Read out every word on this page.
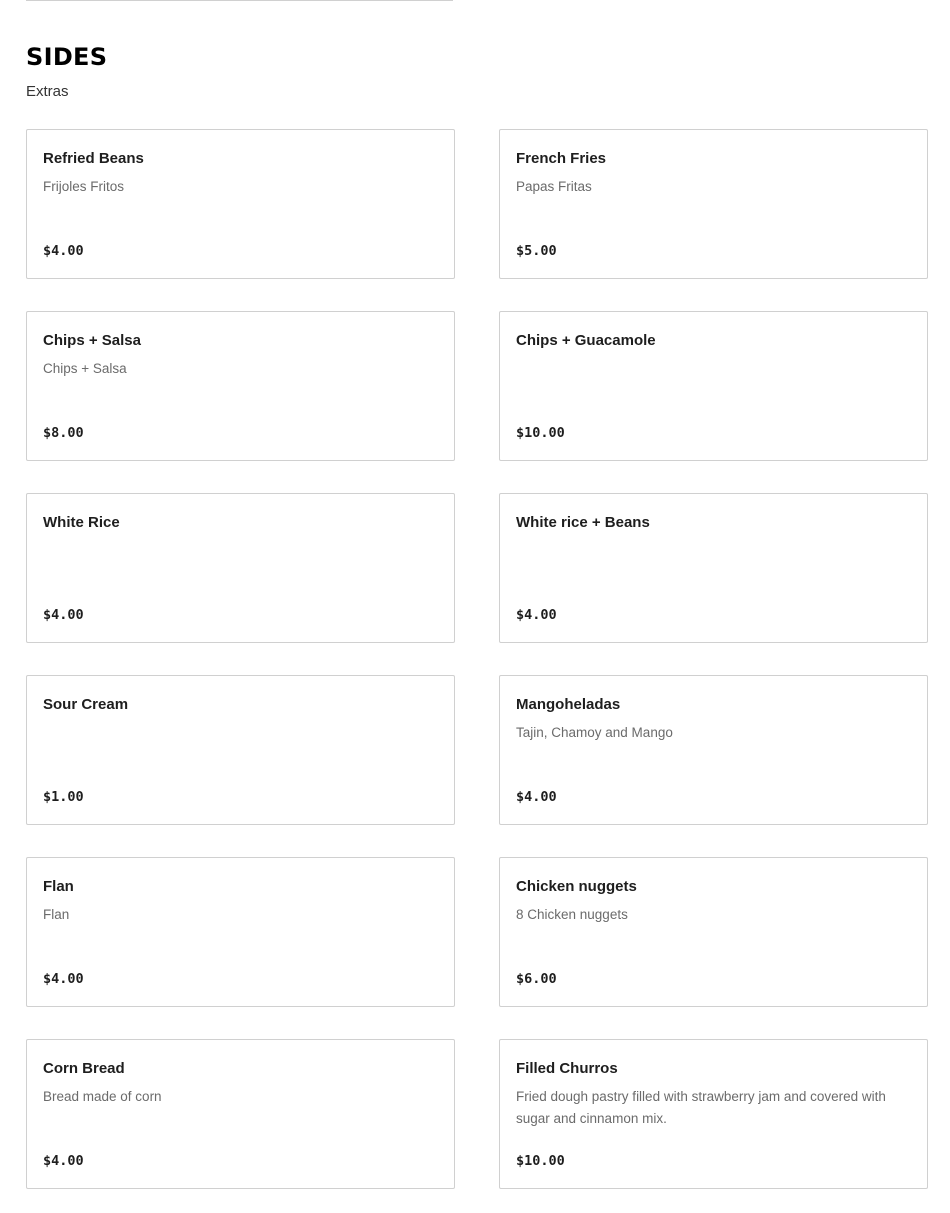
SIDES
Extras
Refried Beans
Frijoles Fritos
$4.00
French Fries
Papas Fritas
$5.00
Chips + Salsa
Chips + Salsa
$8.00
Chips + Guacamole
$10.00
White Rice
$4.00
White rice + Beans
$4.00
Sour Cream
$1.00
Mangoheladas
Tajin, Chamoy and Mango
$4.00
Flan
Flan
$4.00
Chicken nuggets
8 Chicken nuggets
$6.00
Corn Bread
Bread made of corn
$4.00
Filled Churros
Fried dough pastry filled with strawberry jam and covered with sugar and cinnamon mix.
$10.00
